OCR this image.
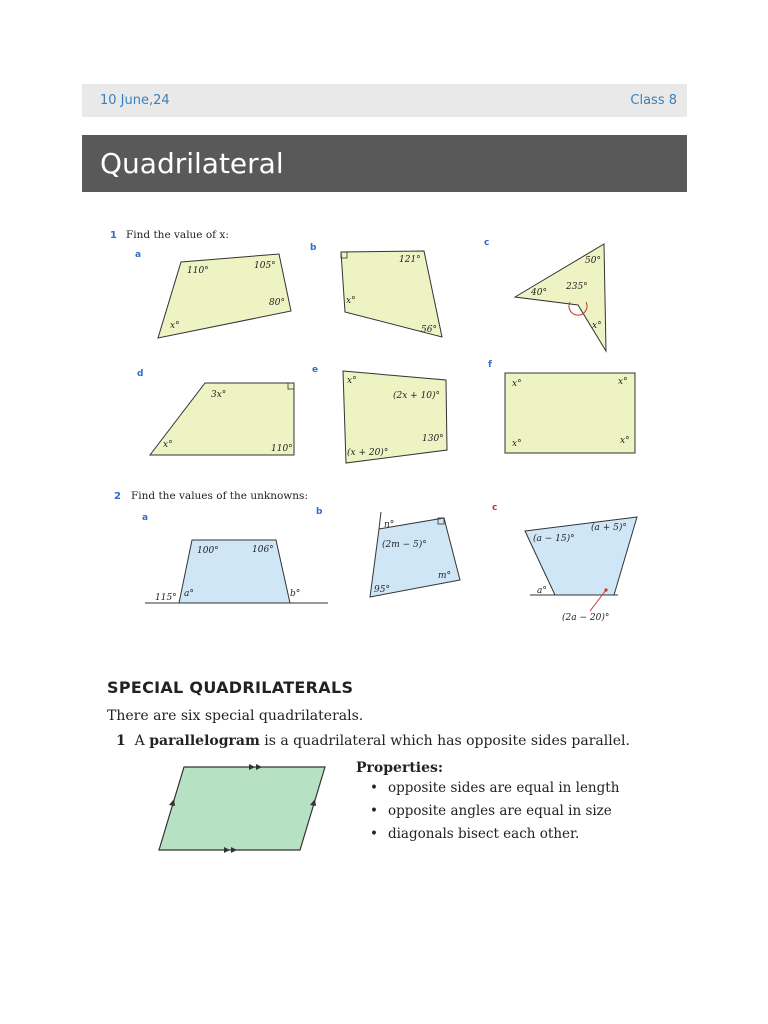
10 June,24	Class 8
Quadrilateral
1 Find the value of x:
a
110°	105°
80°
x°
b
121°
x°
56°
c
50°
40°
235°
x°
d
3x°
x°	110°
e
x°
(2x + 10)°
130°
(x + 20)°
f
x°	x°
x°	x°
2 Find the values of the unknowns:
a
100°	106°
115° a°	b°
b
n°
(2m − 5)°
m°
95°
c
(a − 15)°
(a + 5)°
a°
(2a − 20)°
SPECIAL QUADRILATERALS
There are six special quadrilaterals.
1 A parallelogram is a quadrilateral which has opposite sides parallel.
Properties:
• opposite sides are equal in length
• opposite angles are equal in size
• diagonals bisect each other.
